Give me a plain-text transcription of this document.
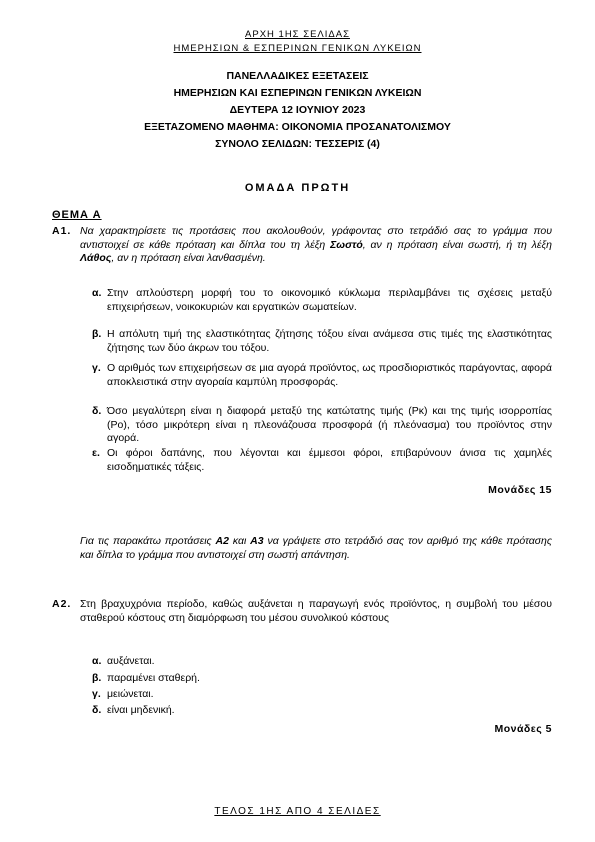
ΑΡΧΗ 1ΗΣ ΣΕΛΙΔΑΣ
ΗΜΕΡΗΣΙΩΝ & ΕΣΠΕΡΙΝΩΝ ΓΕΝΙΚΩΝ ΛΥΚΕΙΩΝ
ΠΑΝΕΛΛΑΔΙΚΕΣ ΕΞΕΤΑΣΕΙΣ
ΗΜΕΡΗΣΙΩΝ ΚΑΙ ΕΣΠΕΡΙΝΩΝ ΓΕΝΙΚΩΝ ΛΥΚΕΙΩΝ
ΔΕΥΤΕΡΑ 12 ΙΟΥΝΙΟΥ 2023
ΕΞΕΤΑΖΟΜΕΝΟ ΜΑΘΗΜΑ: ΟΙΚΟΝΟΜΙΑ ΠΡΟΣΑΝΑΤΟΛΙΣΜΟΥ
ΣΥΝΟΛΟ ΣΕΛΙΔΩΝ: ΤΕΣΣΕΡΙΣ (4)
ΟΜΑΔΑ ΠΡΩΤΗ
ΘΕΜΑ Α
Α1. Να χαρακτηρίσετε τις προτάσεις που ακολουθούν, γράφοντας στο τετράδιό σας το γράμμα που αντιστοιχεί σε κάθε πρόταση και δίπλα του τη λέξη Σωστό, αν η πρόταση είναι σωστή, ή τη λέξη Λάθος, αν η πρόταση είναι λανθασμένη.
α. Στην απλούστερη μορφή του το οικονομικό κύκλωμα περιλαμβάνει τις σχέσεις μεταξύ επιχειρήσεων, νοικοκυριών και εργατικών σωματείων.
β. Η απόλυτη τιμή της ελαστικότητας ζήτησης τόξου είναι ανάμεσα στις τιμές της ελαστικότητας ζήτησης των δύο άκρων του τόξου.
γ. Ο αριθμός των επιχειρήσεων σε μια αγορά προϊόντος, ως προσδιοριστικός παράγοντας, αφορά αποκλειστικά στην αγοραία καμπύλη προσφοράς.
δ. Όσο μεγαλύτερη είναι η διαφορά μεταξύ της κατώτατης τιμής (Pκ) και της τιμής ισορροπίας (Pο), τόσο μικρότερη είναι η πλεονάζουσα προσφορά (ή πλεόνασμα) του προϊόντος στην αγορά.
ε. Οι φόροι δαπάνης, που λέγονται και έμμεσοι φόροι, επιβαρύνουν άνισα τις χαμηλές εισοδηματικές τάξεις.
Μονάδες 15
Για τις παρακάτω προτάσεις Α2 και Α3 να γράψετε στο τετράδιό σας τον αριθμό της κάθε πρότασης και δίπλα το γράμμα που αντιστοιχεί στη σωστή απάντηση.
Α2. Στη βραχυχρόνια περίοδο, καθώς αυξάνεται η παραγωγή ενός προϊόντος, η συμβολή του μέσου σταθερού κόστους στη διαμόρφωση του μέσου συνολικού κόστους
α. αυξάνεται.
β. παραμένει σταθερή.
γ. μειώνεται.
δ. είναι μηδενική.
Μονάδες 5
ΤΕΛΟΣ 1ΗΣ ΑΠΟ 4 ΣΕΛΙΔΕΣ
